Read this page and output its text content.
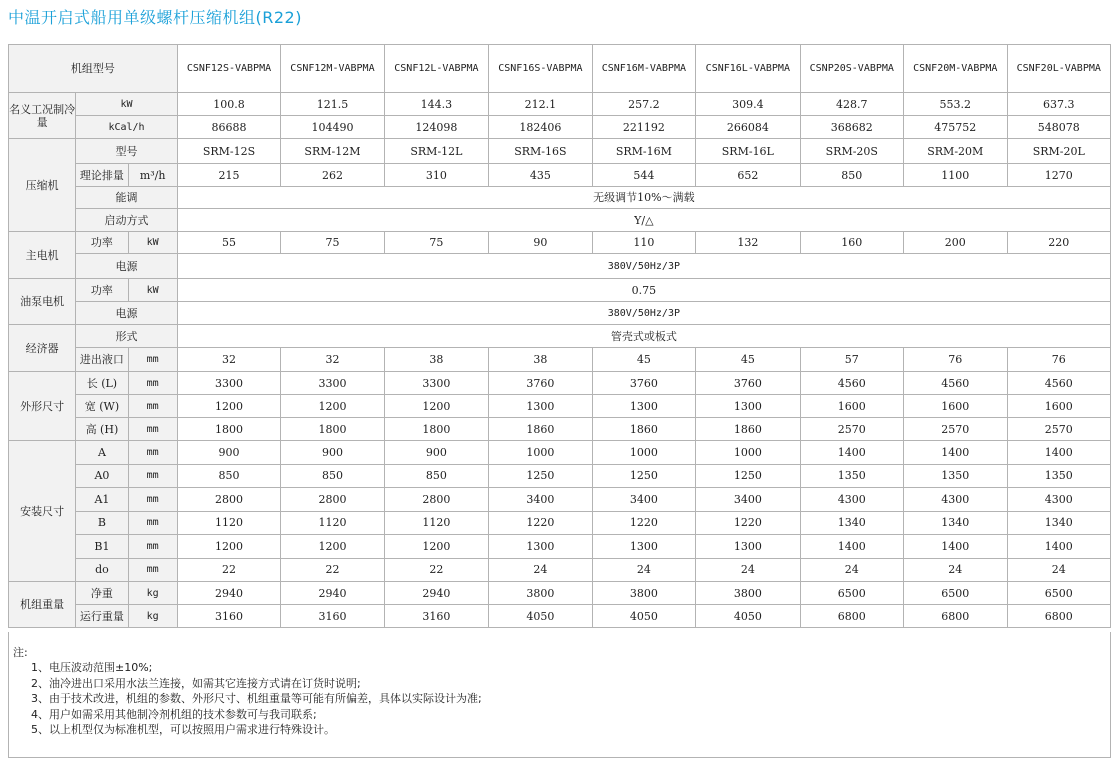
中温开启式船用单级螺杆压缩机组(R22)
机组型号			CSNF12S-VABPMA	CSNF12M-VABPMA	CSNF12L-VABPMA	CSNF16S-VABPMA	CSNF16M-VABPMA	CSNF16L-VABPMA	CSNP20S-VABPMA	CSNF20M-VABPMA	CSNF20L-VABPMA
名义工况制冷量	kW		100.8	121.5	144.3	212.1	257.2	309.4	428.7	553.2	637.3
	kCal/h		86688	104490	124098	182406	221192	266084	368682	475752	548078
压缩机	型号		SRM-12S	SRM-12M	SRM-12L	SRM-16S	SRM-16M	SRM-16L	SRM-20S	SRM-20M	SRM-20L
	理论排量	m³/h	215	262	310	435	544	652	850	1100	1270
	能调		无级调节10%～满载								
	启动方式		Y/△								
主电机	功率	kW	55	75	75	90	110	132	160	200	220
	电源		380V/50Hz/3P								
油泵电机	功率	kW	0.75								
	电源		380V/50Hz/3P								
经济器	形式		管壳式或板式								
	进出液口	mm	32	32	38	38	45	45	57	76	76
外形尺寸	长 (L)	mm	3300	3300	3300	3760	3760	3760	4560	4560	4560
	宽 (W)	mm	1200	1200	1200	1300	1300	1300	1600	1600	1600
	高 (H)	mm	1800	1800	1800	1860	1860	1860	2570	2570	2570
安装尺寸	A	mm	900	900	900	1000	1000	1000	1400	1400	1400
	A0	mm	850	850	850	1250	1250	1250	1350	1350	1350
	A1	mm	2800	2800	2800	3400	3400	3400	4300	4300	4300
	B	mm	1120	1120	1120	1220	1220	1220	1340	1340	1340
	B1	mm	1200	1200	1200	1300	1300	1300	1400	1400	1400
	do	mm	22	22	22	24	24	24	24	24	24
机组重量	净重	kg	2940	2940	2940	3800	3800	3800	6500	6500	6500
	运行重量	kg	3160	3160	3160	4050	4050	4050	6800	6800	6800
注:
1、电压波动范围±10%;
2、油冷进出口采用水法兰连接，如需其它连接方式请在订货时说明;
3、由于技术改进，机组的参数、外形尺寸、机组重量等可能有所偏差，具体以实际设计为准;
4、用户如需采用其他制冷剂机组的技术参数可与我司联系;
5、以上机型仅为标准机型，可以按照用户需求进行特殊设计。
